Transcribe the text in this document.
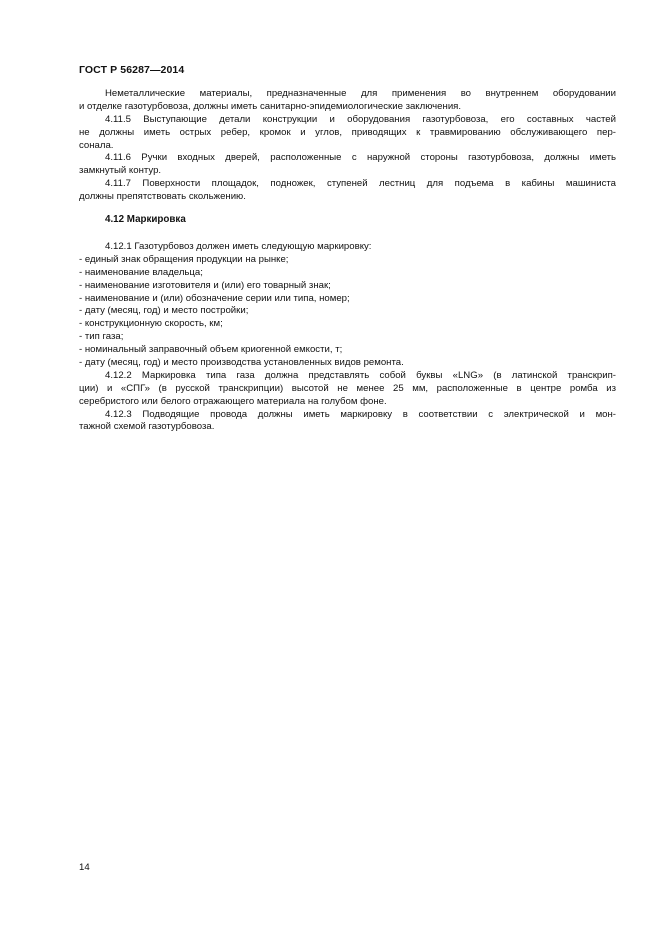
ГОСТ Р 56287—2014
Неметаллические материалы, предназначенные для применения во внутреннем оборудовании
и отделке газотурбовоза, должны иметь санитарно-эпидемиологические заключения.
4.11.5 Выступающие детали конструкции и оборудования газотурбовоза, его составных частей
не должны иметь острых ребер, кромок и углов, приводящих к травмированию обслуживающего пер-
сонала.
4.11.6 Ручки входных дверей, расположенные с наружной стороны газотурбовоза, должны иметь
замкнутый контур.
4.11.7 Поверхности площадок, подножек, ступеней лестниц для подъема в кабины машиниста
должны препятствовать скольжению.
4.12 Маркировка
4.12.1 Газотурбовоз должен иметь следующую маркировку:
- единый знак обращения продукции на рынке;
- наименование владельца;
- наименование изготовителя и (или) его товарный знак;
- наименование и (или) обозначение серии или типа, номер;
- дату (месяц, год) и место постройки;
- конструкционную скорость, км;
- тип газа;
- номинальный заправочный объем криогенной емкости, т;
- дату (месяц, год) и место производства установленных видов ремонта.
4.12.2 Маркировка типа газа должна представлять собой буквы «LNG» (в латинской транскрип-
ции) и «СПГ» (в русской транскрипции) высотой не менее 25 мм, расположенные в центре ромба из
серебристого или белого отражающего материала на голубом фоне.
4.12.3 Подводящие провода должны иметь маркировку в соответствии с электрической и мон-
тажной схемой газотурбовоза.
14
